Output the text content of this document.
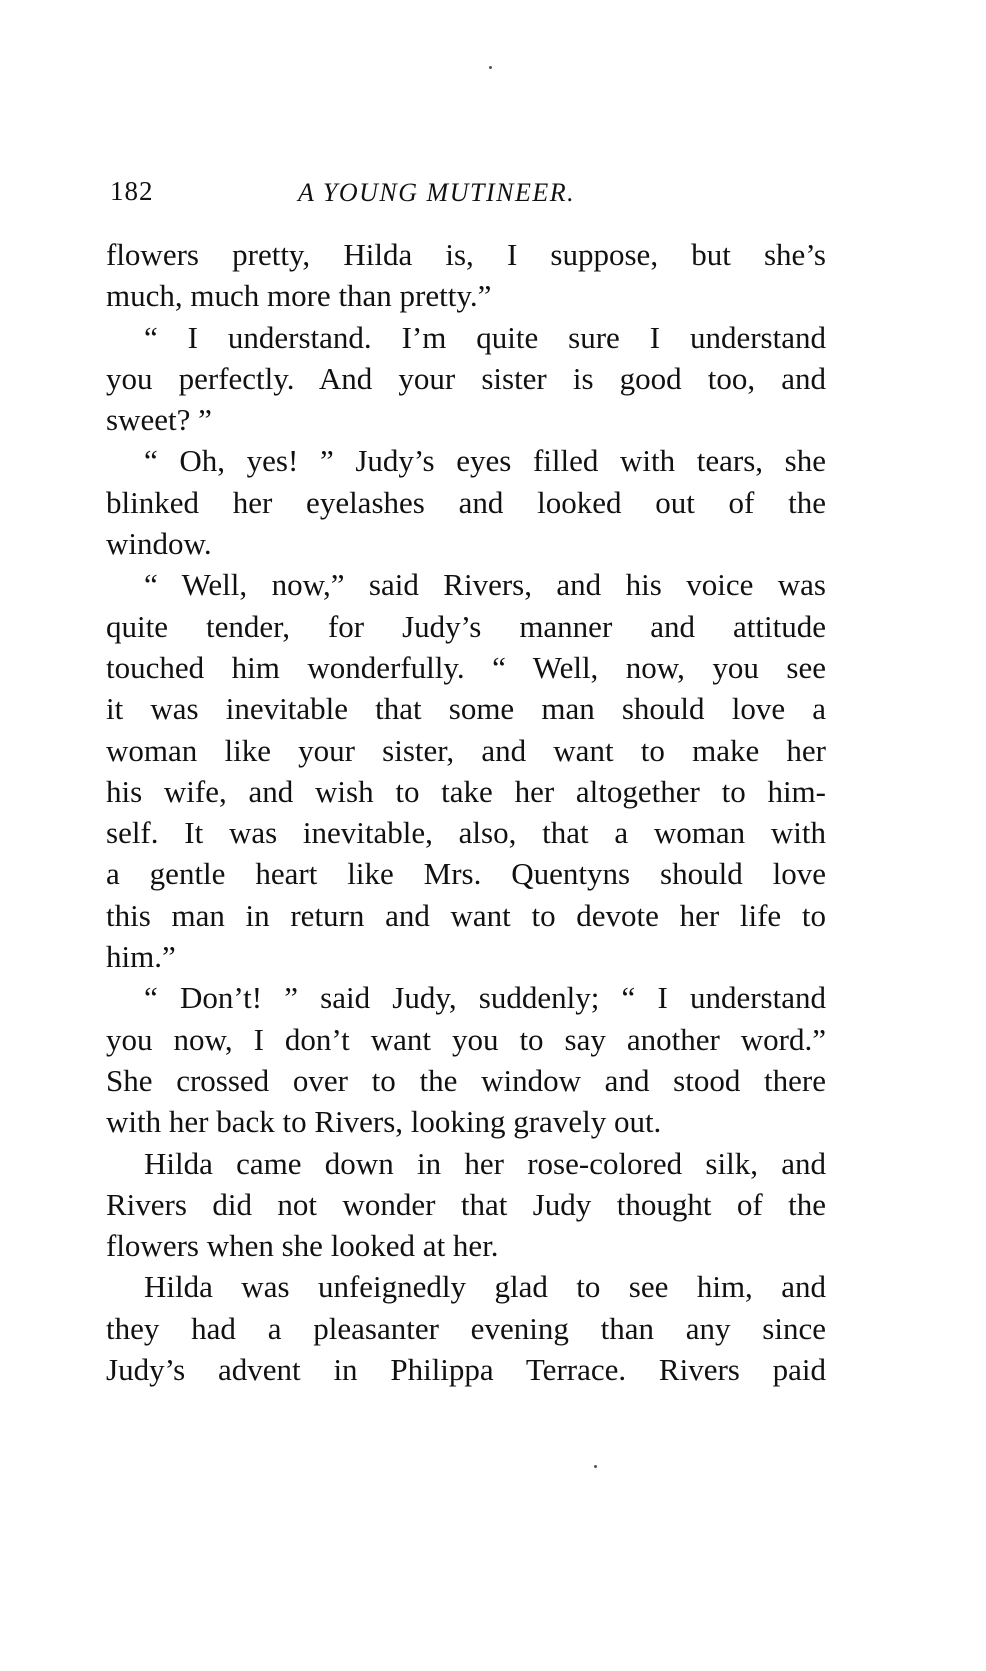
182	A YOUNG MUTINEER.
flowers pretty, Hilda is, I suppose, but she’s
much, much more than pretty.”
“ I understand. I’m quite sure I understand
you perfectly. And your sister is good too, and
sweet? ”
“ Oh, yes! ” Judy’s eyes filled with tears, she
blinked her eyelashes and looked out of the
window.
“ Well, now,” said Rivers, and his voice was
quite tender, for Judy’s manner and attitude
touched him wonderfully. “ Well, now, you see
it was inevitable that some man should love a
woman like your sister, and want to make her
his wife, and wish to take her altogether to him-
self. It was inevitable, also, that a woman with
a gentle heart like Mrs. Quentyns should love
this man in return and want to devote her life to
him.”
“ Don’t! ” said Judy, suddenly; “ I understand
you now, I don’t want you to say another word.”
She crossed over to the window and stood there
with her back to Rivers, looking gravely out.
Hilda came down in her rose-colored silk, and
Rivers did not wonder that Judy thought of the
flowers when she looked at her.
Hilda was unfeignedly glad to see him, and
they had a pleasanter evening than any since
Judy’s advent in Philippa Terrace. Rivers paid
